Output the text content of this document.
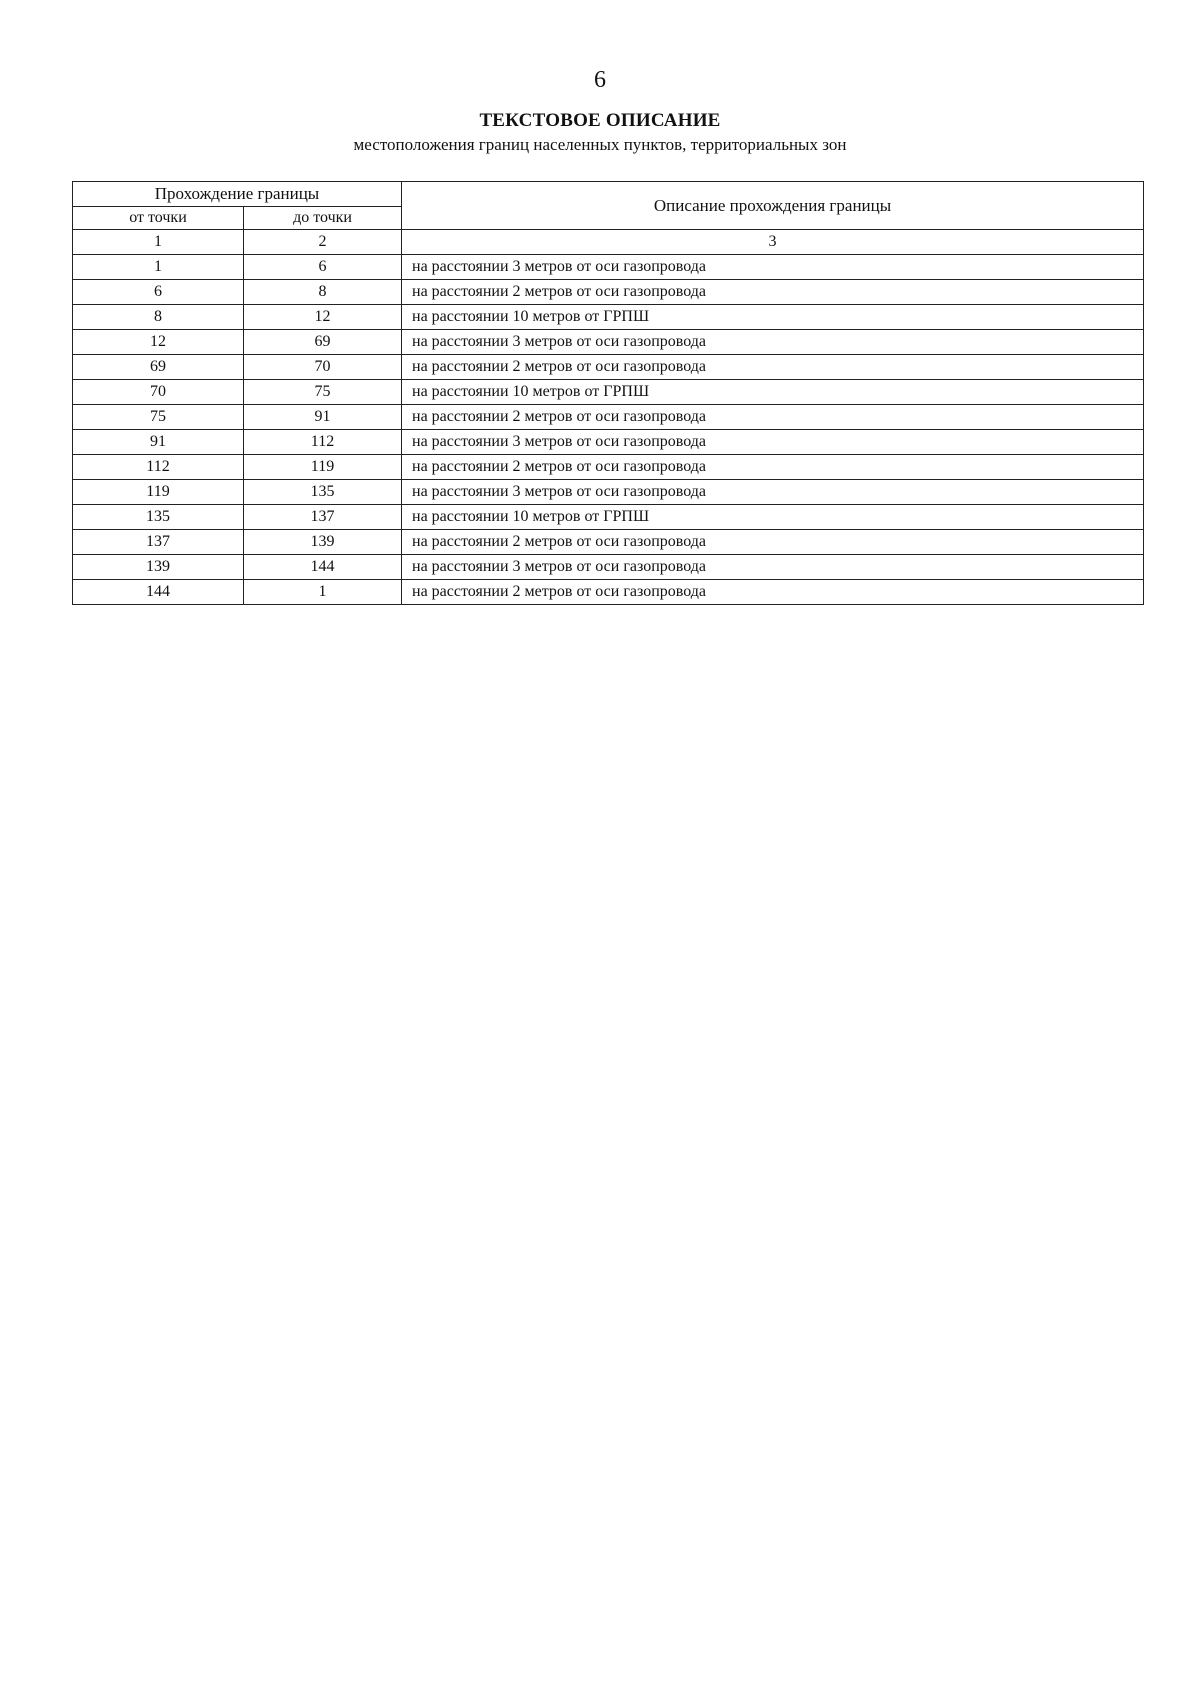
6
ТЕКСТОВОЕ ОПИСАНИЕ
местоположения границ населенных пунктов, территориальных зон
Прохождение границы		Описание прохождения границы
от точки	до точки	
1	2	3
1	6	на расстоянии 3 метров от оси газопровода
6	8	на расстоянии 2 метров от оси газопровода
8	12	на расстоянии 10 метров от ГРПШ
12	69	на расстоянии 3 метров от оси газопровода
69	70	на расстоянии 2 метров от оси газопровода
70	75	на расстоянии 10 метров от ГРПШ
75	91	на расстоянии 2 метров от оси газопровода
91	112	на расстоянии 3 метров от оси газопровода
112	119	на расстоянии 2 метров от оси газопровода
119	135	на расстоянии 3 метров от оси газопровода
135	137	на расстоянии 10 метров от ГРПШ
137	139	на расстоянии 2 метров от оси газопровода
139	144	на расстоянии 3 метров от оси газопровода
144	1	на расстоянии 2 метров от оси газопровода
